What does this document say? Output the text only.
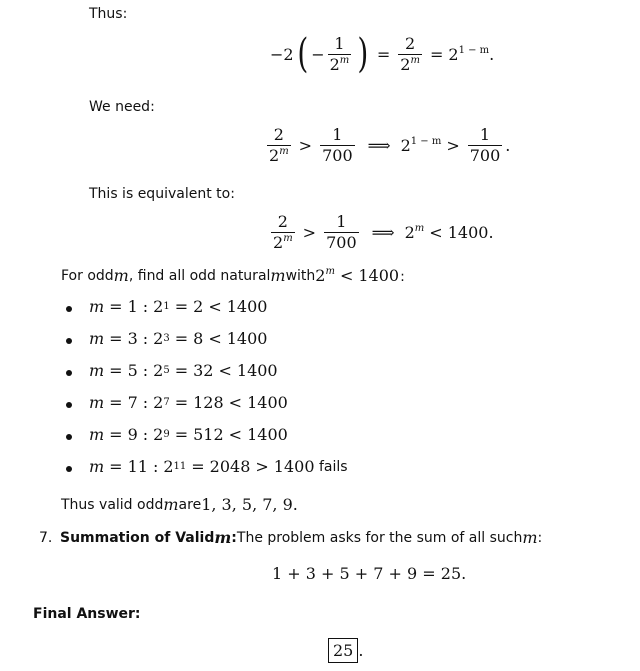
Thus:
−2 ( − $\frac{1}{2^m}$ ) = $\frac{2}{2^m} = 2^{1 - m}$ .
We need:
$\frac{2}{2^m} > \frac{1}{700}$ ⟹ $2^{1 - m} > \frac{1}{700}$ .
This is equivalent to:
$\frac{2}{2^m} > \frac{1}{700}$ ⟹ $2^m < 1400$.
For odd m , find all odd natural m with $2^m < 1400$:
m = 1 : 2 1 = 2 < 1400
m = 3 : 2 3 = 8 < 1400
m = 5 : 2 5 = 32 < 1400
m = 7 : 2 7 = 128 < 1400
m = 9 : 2 9 = 512 < 1400
m = 11 : 2 11 = 2048 > 1400 fails
Thus valid odd m are 1, 3, 5, 7, 9.
7. Summation of Valid m : The problem asks for the sum of all such m :
1 + 3 + 5 + 7 + 9 = 25.
Final Answer:
25 .
